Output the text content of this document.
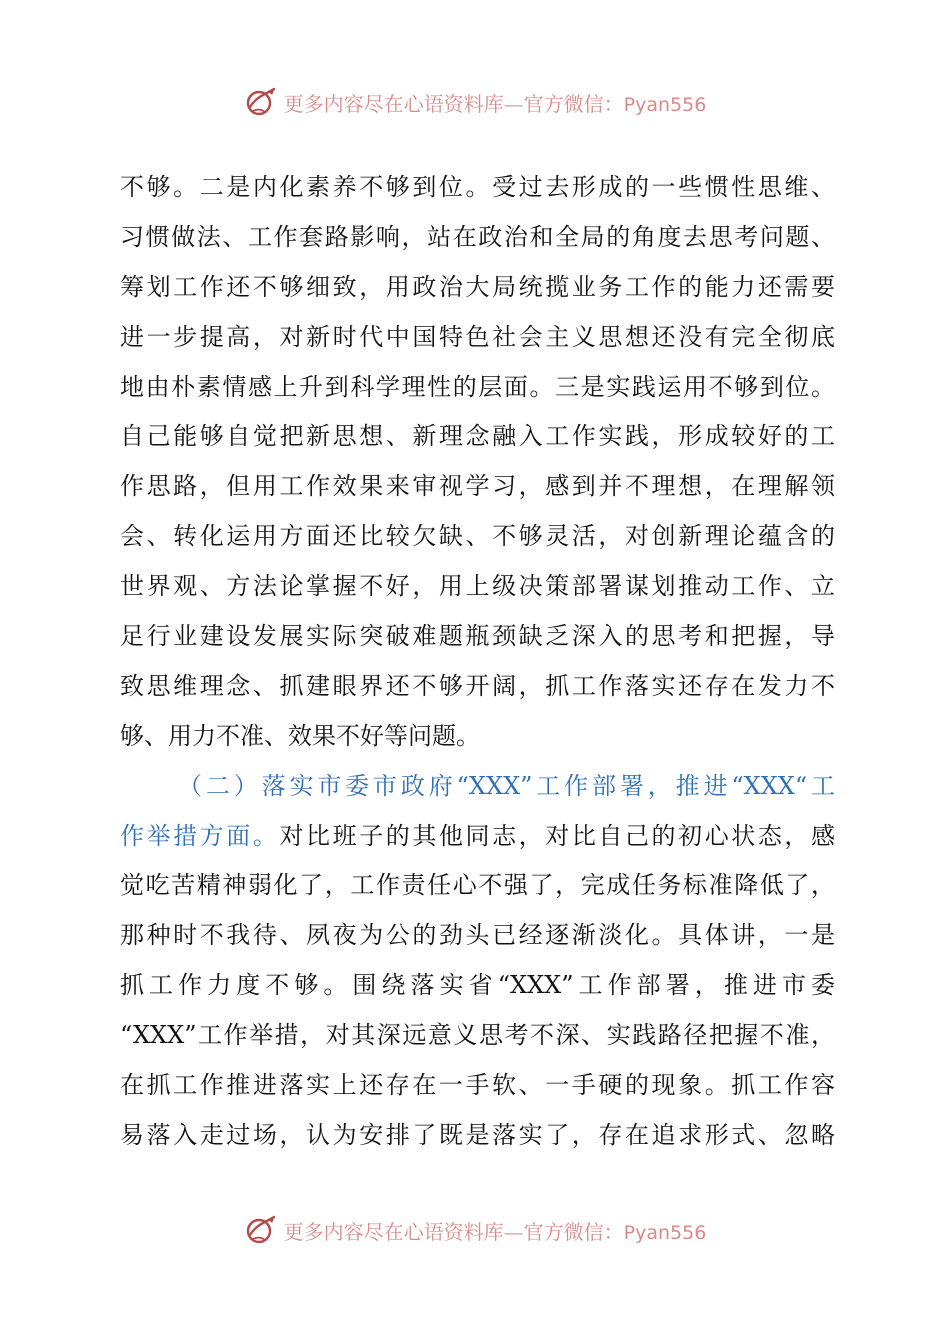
更多内容尽在心语资料库—官方微信：Pyan556
不够。二是内化素养不够到位。受过去形成的一些惯性思维、
习惯做法、工作套路影响，站在政治和全局的角度去思考问题、
筹划工作还不够细致，用政治大局统揽业务工作的能力还需要
进一步提高，对新时代中国特色社会主义思想还没有完全彻底
地由朴素情感上升到科学理性的层面。三是实践运用不够到位。
自己能够自觉把新思想、新理念融入工作实践，形成较好的工
作思路，但用工作效果来审视学习，感到并不理想，在理解领
会、转化运用方面还比较欠缺、不够灵活，对创新理论蕴含的
世界观、方法论掌握不好，用上级决策部署谋划推动工作、立
足行业建设发展实际突破难题瓶颈缺乏深入的思考和把握，导
致思维理念、抓建眼界还不够开阔，抓工作落实还存在发力不
够、用力不准、效果不好等问题。
（二）落实市委市政府“XXX”工作部署，推进“XXX“工
作举措方面。对比班子的其他同志，对比自己的初心状态，感
觉吃苦精神弱化了，工作责任心不强了，完成任务标准降低了，
那种时不我待、夙夜为公的劲头已经逐渐淡化。具体讲，一是
抓工作力度不够。围绕落实省“XXX”工作部署，推进市委
“XXX”工作举措，对其深远意义思考不深、实践路径把握不准，
在抓工作推进落实上还存在一手软、一手硬的现象。抓工作容
易落入走过场，认为安排了既是落实了，存在追求形式、忽略
更多内容尽在心语资料库—官方微信：Pyan556
